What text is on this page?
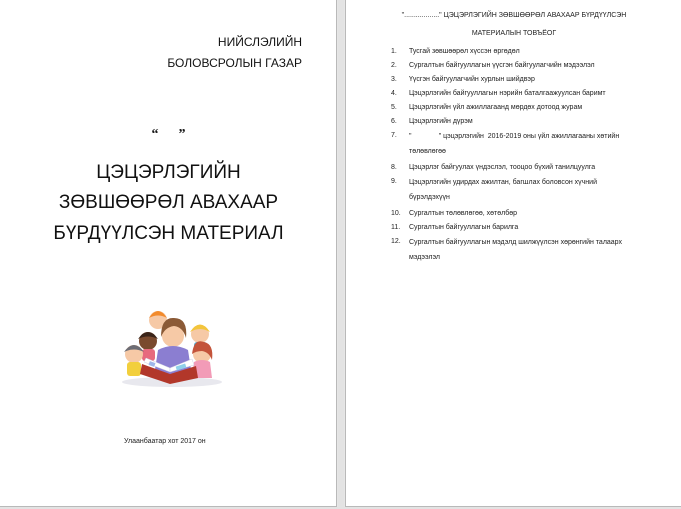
НИЙСЛЭЛИЙН
БОЛОВСРОЛЫН ГАЗАР
“ ”
ЦЭЦЭРЛЭГИЙН
ЗӨВШӨӨРӨЛ АВАХААР
БҮРДҮҮЛСЭН МАТЕРИАЛ
Улаанбаатар хот 2017 он
".................." ЦЭЦЭРЛЭГИЙН ЗӨВШӨӨРӨЛ АВАХААР БҮРДҮҮЛСЭН
МАТЕРИАЛЫН ТОВЪЁОГ
1. Тусгай зөвшөөрөл хүссэн өргөдөл
2. Сургалтын байгууллагын үүсгэн байгуулагчийн мэдээлэл
3. Үүсгэн байгуулагчийн хурлын шийдвэр
4. Цэцэрлэгийн байгууллагын нэрийн баталгаажуулсан баримт
5. Цэцэрлэгийн үйл ажиллагаанд мөрдөх дотоод журам
6. Цэцэрлэгийн дүрэм
7. "              " цэцэрлэгийн  2016-2019 оны үйл ажиллагааны хөтийн төлөвлөгөө
8. Цэцэрлэг байгуулах үндэслэл, тооцоо бүхий танилцуулга
9. Цэцэрлэгийн удирдах ажилтан, багшлах боловсон хүчний бүрэлдэхүүн
10. Сургалтын төлөвлөгөө, хөтөлбөр
11. Сургалтын байгууллагын барилга
12. Сургалтын байгууллагын мэдэлд шилжүүлсэн хөрөнгийн талаарх мэдээлэл
